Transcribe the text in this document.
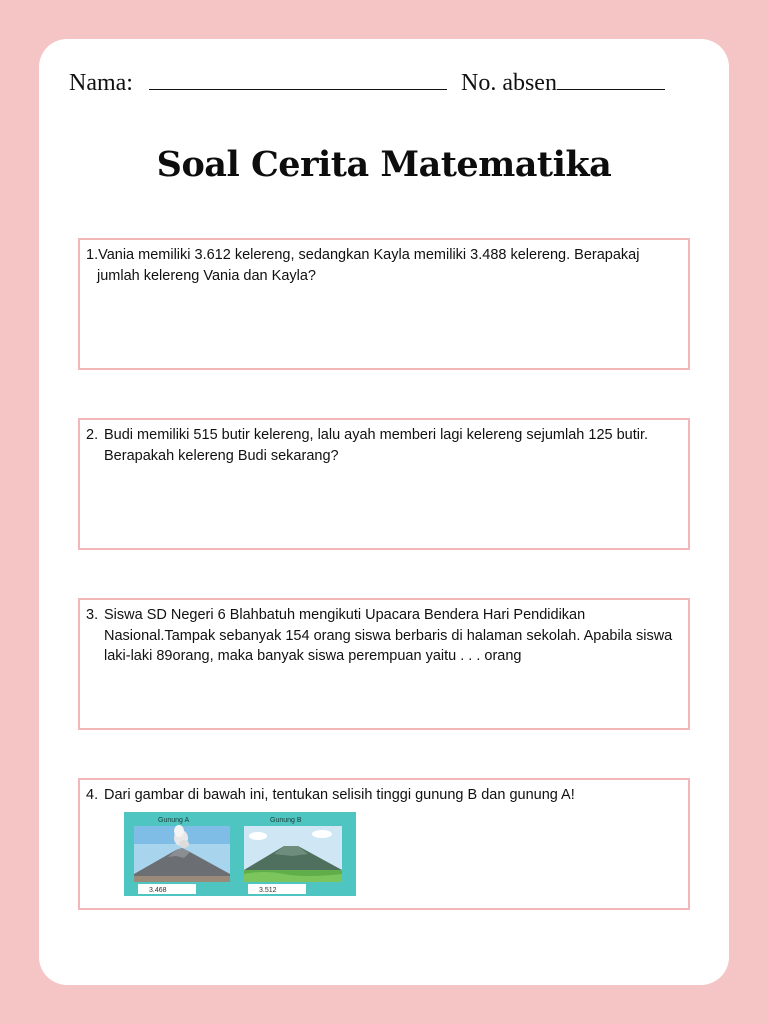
Nama:	No. absen
Soal Cerita Matematika
1.Vania memiliki 3.612 kelereng, sedangkan Kayla memiliki 3.488 kelereng. Berapakaj jumlah kelereng Vania dan Kayla?
2. Budi memiliki 515 butir kelereng, lalu ayah memberi lagi kelereng sejumlah 125 butir. Berapakah kelereng Budi sekarang?
3. Siswa SD Negeri 6 Blahbatuh mengikuti Upacara Bendera Hari Pendidikan Nasional.Tampak sebanyak 154 orang siswa berbaris di halaman sekolah. Apabila siswa laki-laki 89orang, maka banyak siswa perempuan yaitu . . . orang
4. Dari gambar di bawah ini, tentukan selisih tinggi gunung B dan gunung A!
Gunung A	Gunung B
3.468	3.512
